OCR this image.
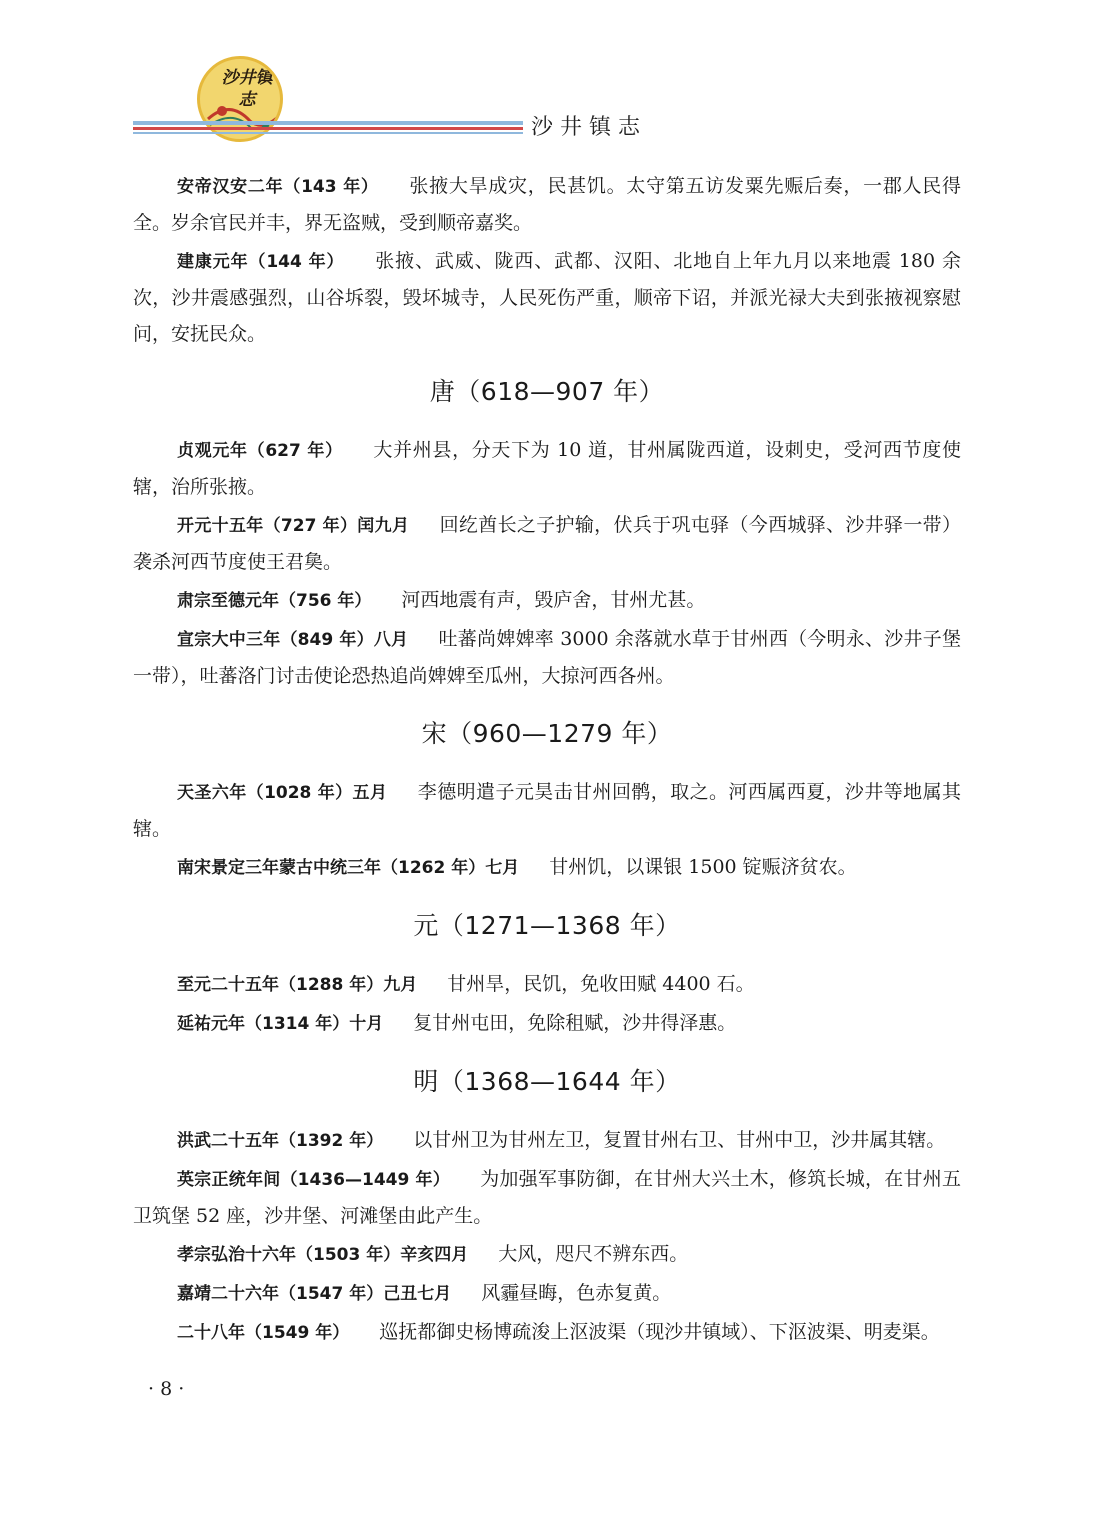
沙井镇志
沙井镇志

安帝汉安二年（143 年） 张掖大旱成灾，民甚饥。太守第五访发粟先赈后奏，一郡人民得全。岁余官民并丰，界无盗贼，受到顺帝嘉奖。

建康元年（144 年） 张掖、武威、陇西、武都、汉阳、北地自上年九月以来地震 180 余次，沙井震感强烈，山谷坼裂，毁坏城寺，人民死伤严重，顺帝下诏，并派光禄大夫到张掖视察慰问，安抚民众。

唐（618—907 年）

贞观元年（627 年） 大并州县，分天下为 10 道，甘州属陇西道，设刺史，受河西节度使辖，治所张掖。

开元十五年（727 年）闰九月 回纥酋长之子护输，伏兵于巩屯驿（今西城驿、沙井驿一带）袭杀河西节度使王君㚟。

肃宗至德元年（756 年） 河西地震有声，毁庐舍，甘州尤甚。

宣宗大中三年（849 年）八月 吐蕃尚婢婢率 3000 余落就水草于甘州西（今明永、沙井子堡一带），吐蕃洛门讨击使论恐热追尚婢婢至瓜州，大掠河西各州。

宋（960—1279 年）

天圣六年（1028 年）五月 李德明遣子元昊击甘州回鹘，取之。河西属西夏，沙井等地属其辖。

南宋景定三年蒙古中统三年（1262 年）七月 甘州饥，以课银 1500 锭赈济贫农。

元（1271—1368 年）

至元二十五年（1288 年）九月 甘州旱，民饥，免收田赋 4400 石。

延祐元年（1314 年）十月 复甘州屯田，免除租赋，沙井得泽惠。

明（1368—1644 年）

洪武二十五年（1392 年） 以甘州卫为甘州左卫，复置甘州右卫、甘州中卫，沙井属其辖。

英宗正统年间（1436—1449 年） 为加强军事防御，在甘州大兴土木，修筑长城，在甘州五卫筑堡 52 座，沙井堡、河滩堡由此产生。

孝宗弘治十六年（1503 年）辛亥四月 大风，咫尺不辨东西。

嘉靖二十六年（1547 年）己丑七月 风霾昼晦，色赤复黄。

二十八年（1549 年） 巡抚都御史杨博疏浚上沤波渠（现沙井镇域）、下沤波渠、明麦渠。

· 8 ·
